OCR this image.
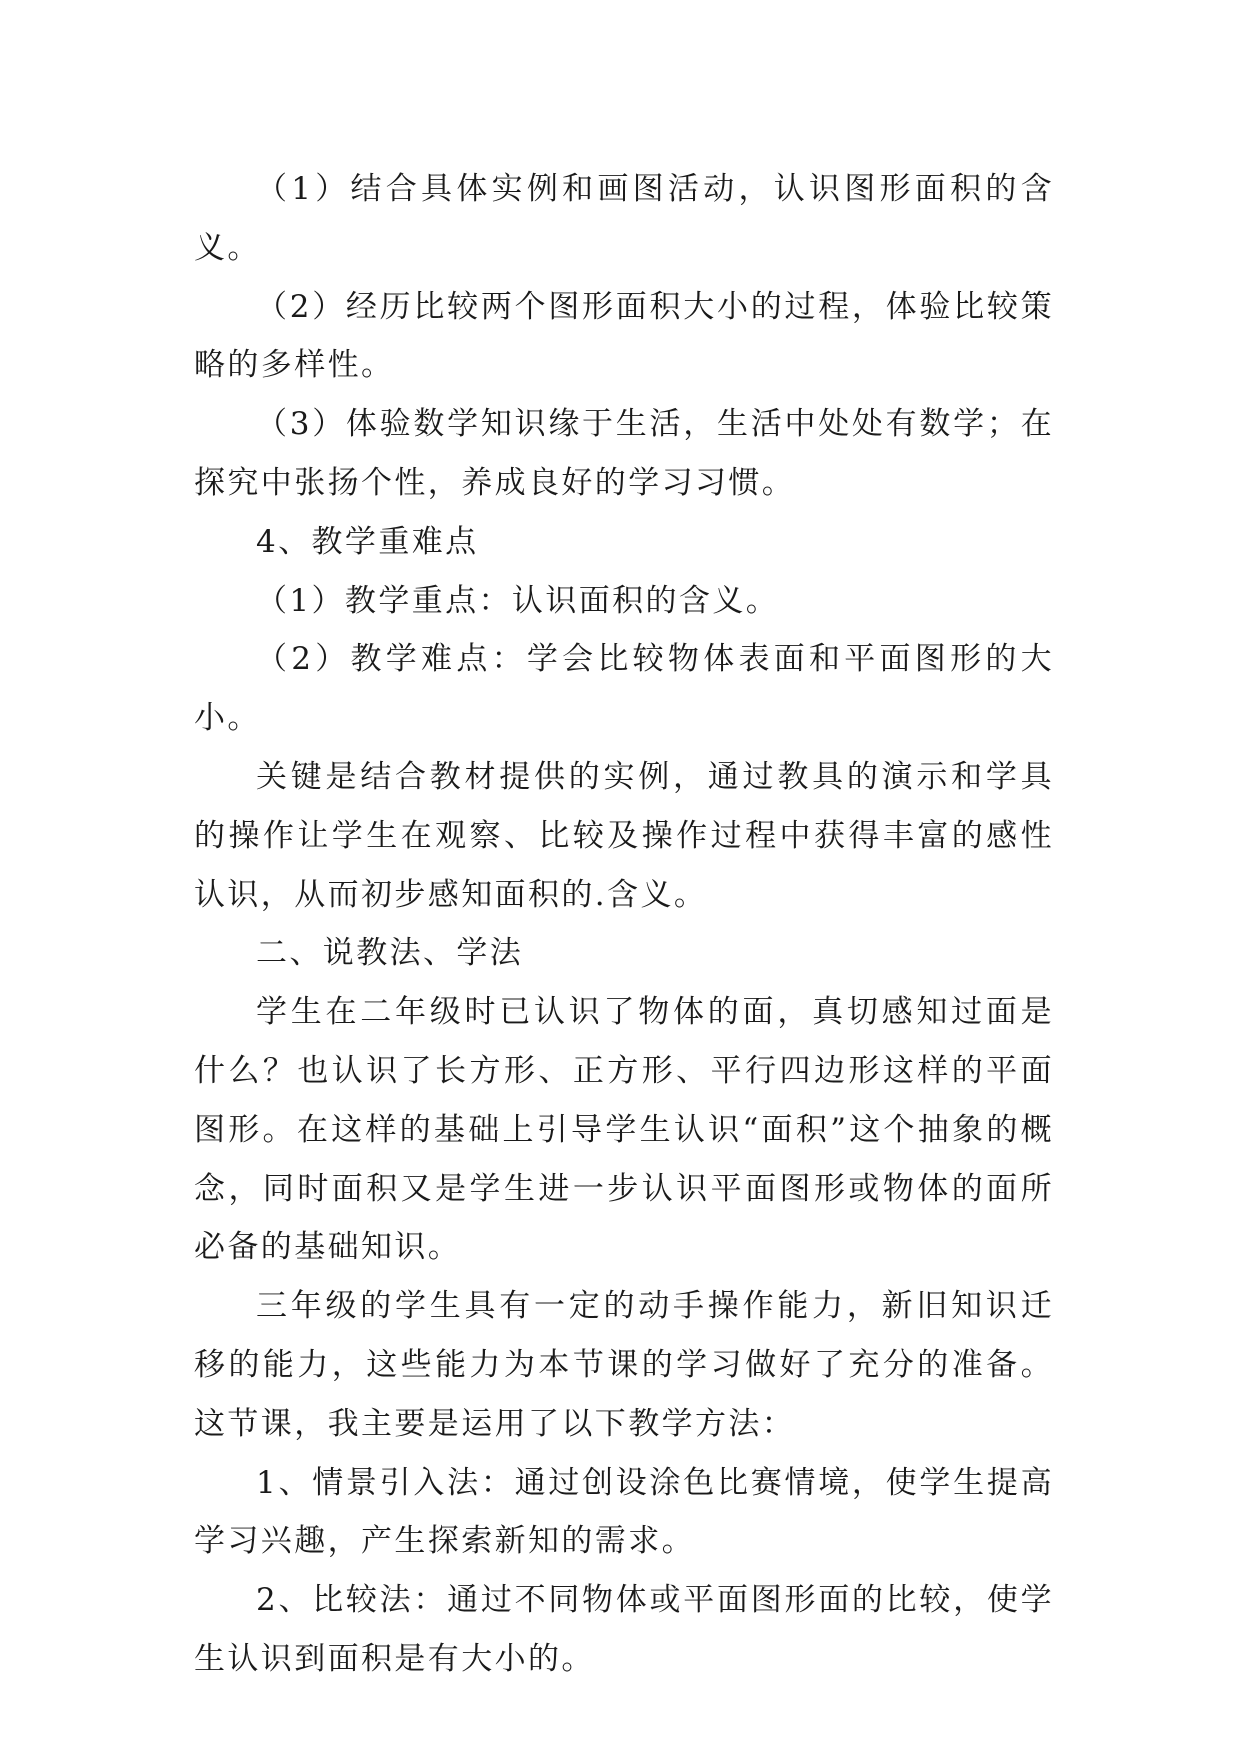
（1）结合具体实例和画图活动，认识图形面积的含义。

（2）经历比较两个图形面积大小的过程，体验比较策略的多样性。

（3）体验数学知识缘于生活，生活中处处有数学；在探究中张扬个性，养成良好的学习习惯。

4、教学重难点

（1）教学重点：认识面积的含义。

（2）教学难点：学会比较物体表面和平面图形的大小。

关键是结合教材提供的实例，通过教具的演示和学具的操作让学生在观察、比较及操作过程中获得丰富的感性认识，从而初步感知面积的.含义。

二、说教法、学法

学生在二年级时已认识了物体的面，真切感知过面是什么？也认识了长方形、正方形、平行四边形这样的平面图形。在这样的基础上引导学生认识“面积”这个抽象的概念，同时面积又是学生进一步认识平面图形或物体的面所必备的基础知识。

三年级的学生具有一定的动手操作能力，新旧知识迁移的能力，这些能力为本节课的学习做好了充分的准备。这节课，我主要是运用了以下教学方法：

1、情景引入法：通过创设涂色比赛情境，使学生提高学习兴趣，产生探索新知的需求。

2、比较法：通过不同物体或平面图形面的比较，使学生认识到面积是有大小的。
